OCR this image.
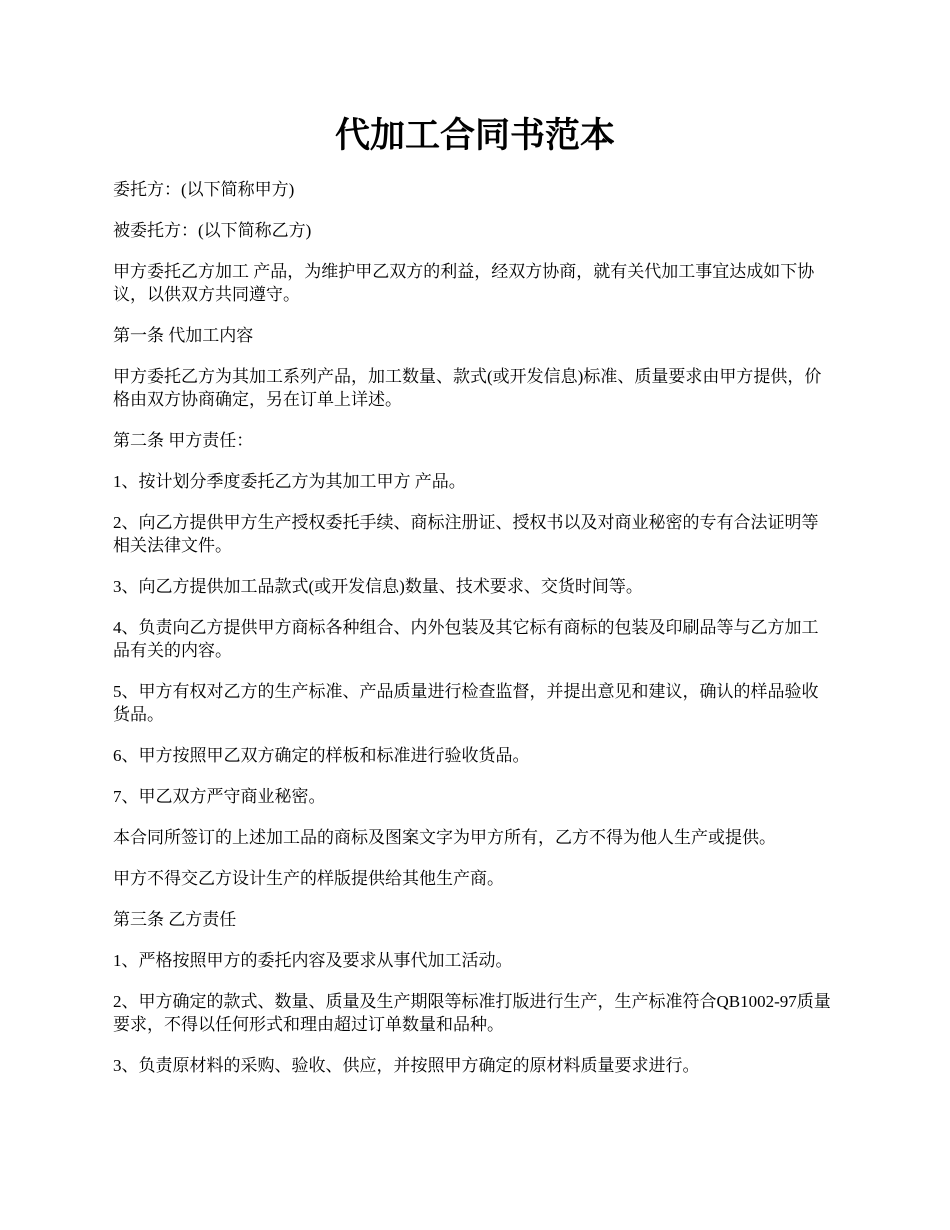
代加工合同书范本

委托方：(以下简称甲方)

被委托方：(以下简称乙方)

甲方委托乙方加工 产品，为维护甲乙双方的利益，经双方协商，就有关代加工事宜达成如下协议，以供双方共同遵守。

第一条 代加工内容

甲方委托乙方为其加工系列产品，加工数量、款式(或开发信息)标准、质量要求由甲方提供，价格由双方协商确定，另在订单上详述。

第二条 甲方责任：

1、按计划分季度委托乙方为其加工甲方 产品。

2、向乙方提供甲方生产授权委托手续、商标注册证、授权书以及对商业秘密的专有合法证明等相关法律文件。

3、向乙方提供加工品款式(或开发信息)数量、技术要求、交货时间等。

4、负责向乙方提供甲方商标各种组合、内外包装及其它标有商标的包装及印刷品等与乙方加工品有关的内容。

5、甲方有权对乙方的生产标准、产品质量进行检查监督，并提出意见和建议，确认的样品验收货品。

6、甲方按照甲乙双方确定的样板和标准进行验收货品。

7、甲乙双方严守商业秘密。

本合同所签订的上述加工品的商标及图案文字为甲方所有，乙方不得为他人生产或提供。

甲方不得交乙方设计生产的样版提供给其他生产商。

第三条 乙方责任

1、严格按照甲方的委托内容及要求从事代加工活动。

2、甲方确定的款式、数量、质量及生产期限等标准打版进行生产，生产标准符合QB1002-97质量要求，不得以任何形式和理由超过订单数量和品种。

3、负责原材料的采购、验收、供应，并按照甲方确定的原材料质量要求进行。
